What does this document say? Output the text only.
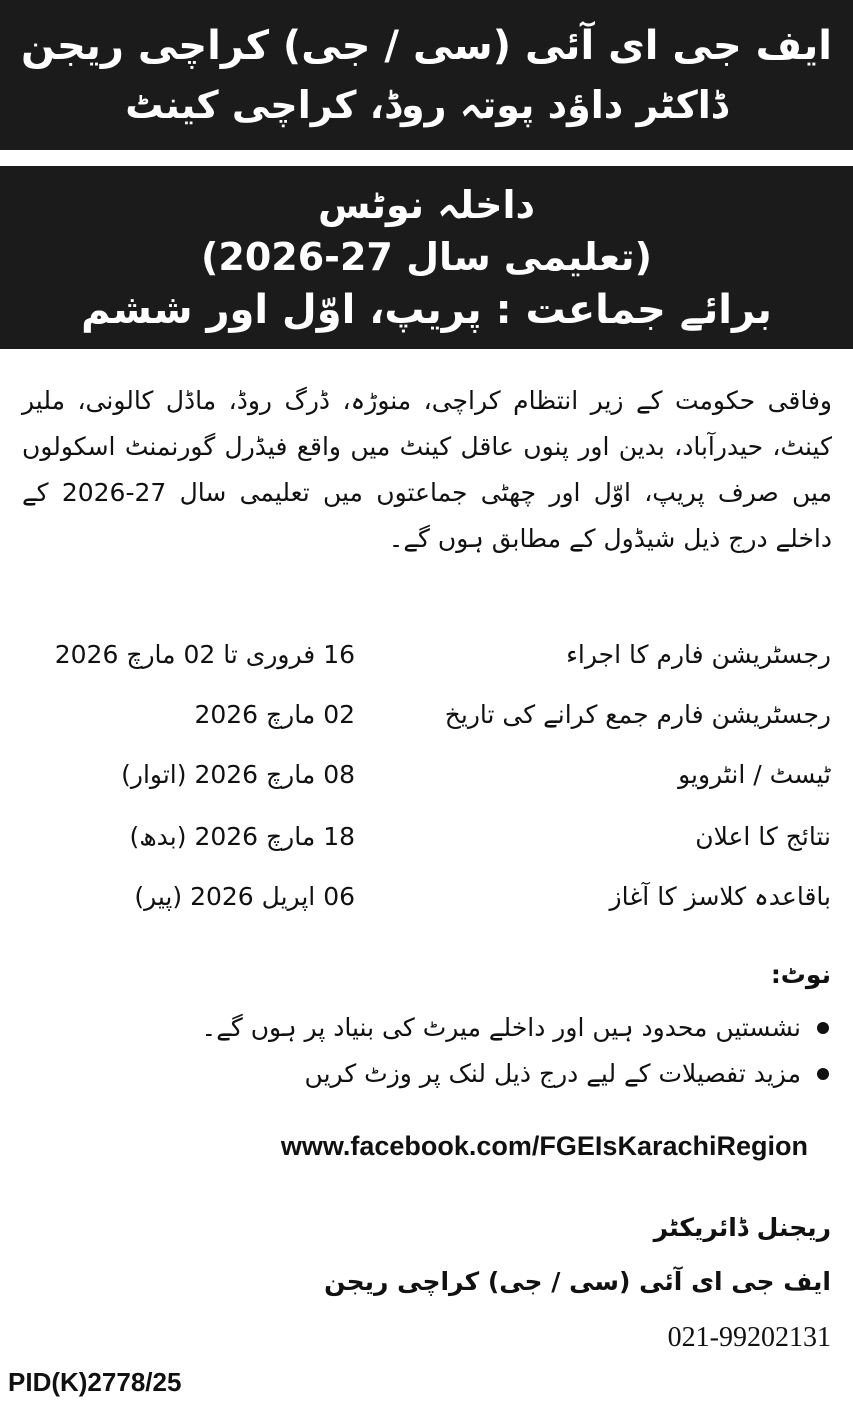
ایف جی ای آئی (سی / جی) کراچی ریجن
ڈاکٹر داؤد پوتہ روڈ، کراچی کینٹ
داخلہ نوٹس
(تعلیمی سال 27-2026)
برائے جماعت : پریپ، اوّل اور ششم
وفاقی حکومت کے زیر انتظام کراچی، منوڑہ، ڈرگ روڈ، ماڈل کالونی، ملیر کینٹ، حیدرآباد، بدین اور پنوں عاقل کینٹ میں واقع فیڈرل گورنمنٹ اسکولوں میں صرف پریپ، اوّل اور چھٹی جماعتوں میں تعلیمی سال 27-2026 کے داخلے درج ذیل شیڈول کے مطابق ہوں گے۔
رجسٹریشن فارم کا اجراء
16 فروری تا 02 مارچ 2026
رجسٹریشن فارم جمع کرانے کی تاریخ
02 مارچ 2026
ٹیسٹ / انٹرویو
08 مارچ 2026 (اتوار)
نتائج کا اعلان
18 مارچ 2026 (بدھ)
باقاعدہ کلاسز کا آغاز
06 اپریل 2026 (پیر)
نوٹ:
نشستیں محدود ہیں اور داخلے میرٹ کی بنیاد پر ہوں گے۔
مزید تفصیلات کے لیے درج ذیل لنک پر وزٹ کریں
www.facebook.com/FGEIsKarachiRegion
ریجنل ڈائریکٹر
ایف جی ای آئی (سی / جی) کراچی ریجن
021-99202131
PID(K)2778/25
